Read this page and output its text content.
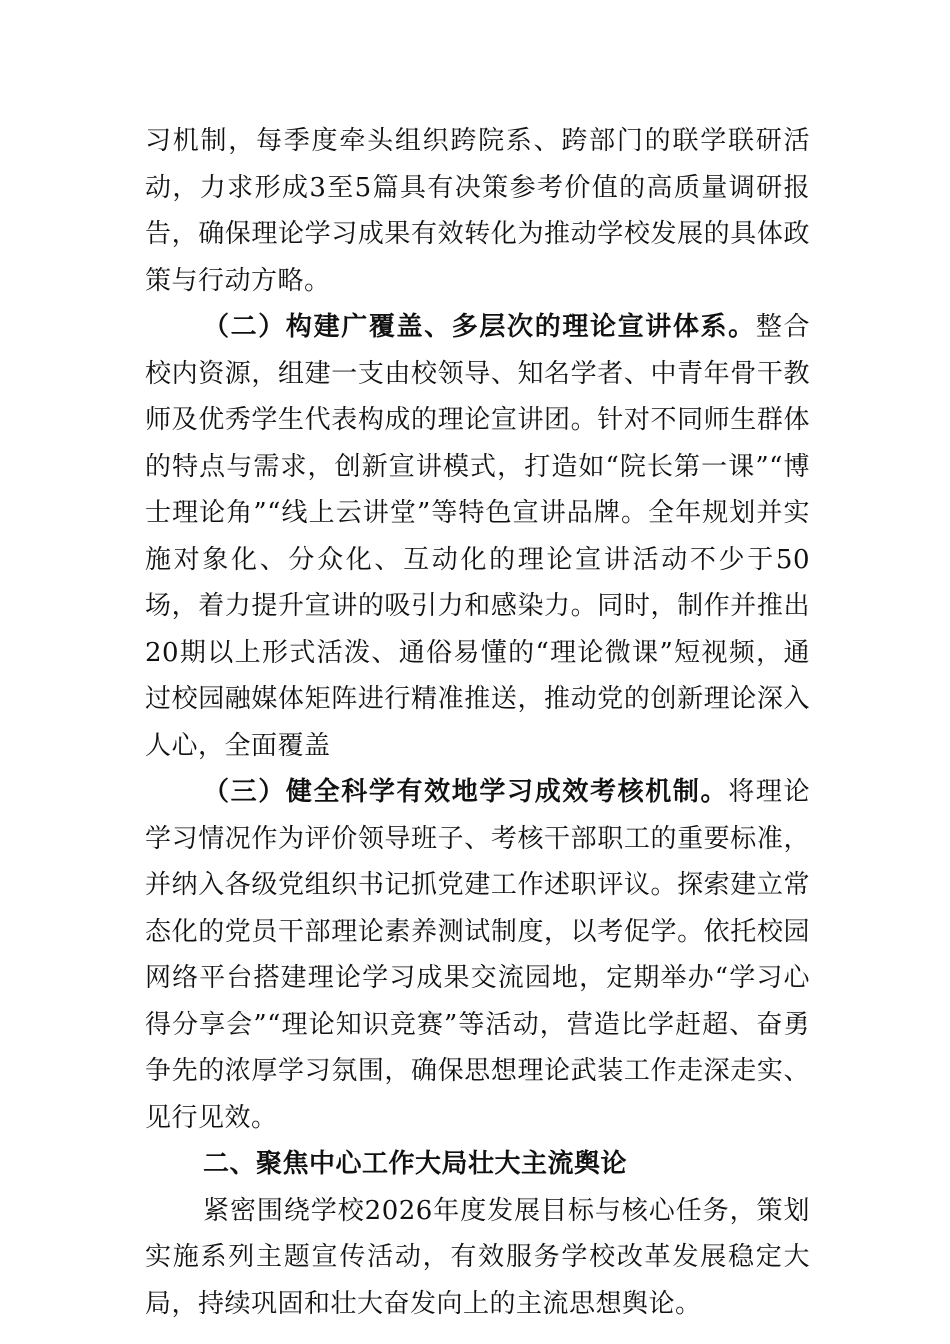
习机制，每季度牵头组织跨院系、跨部门的联学联研活动，力求形成3至5篇具有决策参考价值的高质量调研报告，确保理论学习成果有效转化为推动学校发展的具体政策与行动方略。

（二）构建广覆盖、多层次的理论宣讲体系。整合校内资源，组建一支由校领导、知名学者、中青年骨干教师及优秀学生代表构成的理论宣讲团。针对不同师生群体的特点与需求，创新宣讲模式，打造如“院长第一课”“博士理论角”“线上云讲堂”等特色宣讲品牌。全年规划并实施对象化、分众化、互动化的理论宣讲活动不少于50场，着力提升宣讲的吸引力和感染力。同时，制作并推出20期以上形式活泼、通俗易懂的“理论微课”短视频，通过校园融媒体矩阵进行精准推送，推动党的创新理论深入人心，全面覆盖

（三）健全科学有效地学习成效考核机制。将理论学习情况作为评价领导班子、考核干部职工的重要标准，并纳入各级党组织书记抓党建工作述职评议。探索建立常态化的党员干部理论素养测试制度，以考促学。依托校园网络平台搭建理论学习成果交流园地，定期举办“学习心得分享会”“理论知识竞赛”等活动，营造比学赶超、奋勇争先的浓厚学习氛围，确保思想理论武装工作走深走实、见行见效。

二、聚焦中心工作大局壮大主流舆论

紧密围绕学校2026年度发展目标与核心任务，策划实施系列主题宣传活动，有效服务学校改革发展稳定大局，持续巩固和壮大奋发向上的主流思想舆论。
